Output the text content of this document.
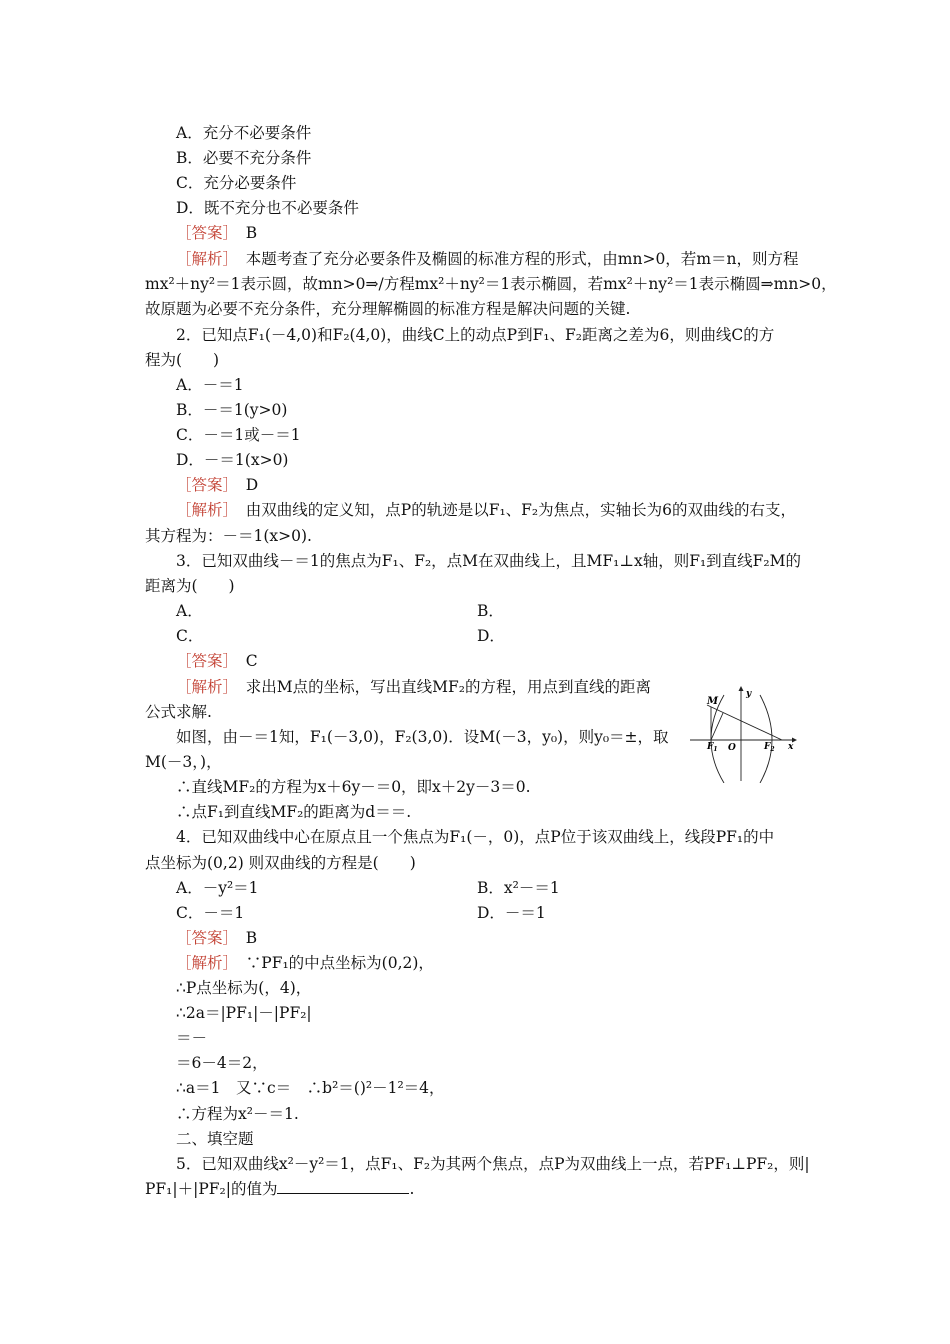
A．充分不必要条件
B．必要不充分条件
C．充分必要条件
D．既不充分也不必要条件
［答案］　 B
［解析］　 本题考查了充分必要条件及椭圆的标准方程的形式，由mn>0，若m＝n，则方程
mx²＋ny²＝1表示圆，故mn>0⇒/方程mx²＋ny²＝1表示椭圆，若mx²＋ny²＝1表示椭圆⇒mn>0，
故原题为必要不充分条件，充分理解椭圆的标准方程是解决问题的关键.
2．已知点F₁(－4,0)和F₂(4,0)，曲线C上的动点P到F₁、F₂距离之差为6，则曲线C的方
程为(　　)
A．－＝1
B．－＝1(y>0)
C．－＝1或－＝1
D．－＝1(x>0)
［答案］　 D
［解析］　 由双曲线的定义知，点P的轨迹是以F₁、F₂为焦点，实轴长为6的双曲线的右支，
其方程为：－＝1(x>0).
3．已知双曲线－＝1的焦点为F₁、F₂，点M在双曲线上，且MF₁⊥x轴，则F₁到直线F₂M的
距离为(　　)
A．	B．
C．	D．
［答案］　 C
［解析］　 求出M点的坐标，写出直线MF₂的方程，用点到直线的距离
公式求解.
如图，由－＝1知，F₁(－3,0)，F₂(3,0)．设M(－3，y₀)，则y₀＝±，取
M(－3，)，
∴直线MF₂的方程为x＋6y－＝0，即x＋2y－3＝0.
∴点F₁到直线MF₂的距离为d＝＝.
M
y
$F_1$ O	$F_2$ x
4．已知双曲线中心在原点且一个焦点为F₁(－，0)，点P位于该双曲线上，线段PF₁的中
点坐标为(0,2) 则双曲线的方程是(　　)
A．－y²＝1	B．x²－＝1
C．－＝1	D．－＝1
［答案］　 B
［解析］　 ∵PF₁的中点坐标为(0,2)，
∴P点坐标为(，4)，
∴2a＝|PF₁|－|PF₂|
＝－
＝6－4＝2，
∴a＝1　又∵c＝　∴b²＝()²－1²＝4，
∴方程为x²－＝1.
二、填空题
5．已知双曲线x²－y²＝1，点F₁、F₂为其两个焦点，点P为双曲线上一点，若PF₁⊥PF₂，则|
PF₁|＋|PF₂|的值为	.
